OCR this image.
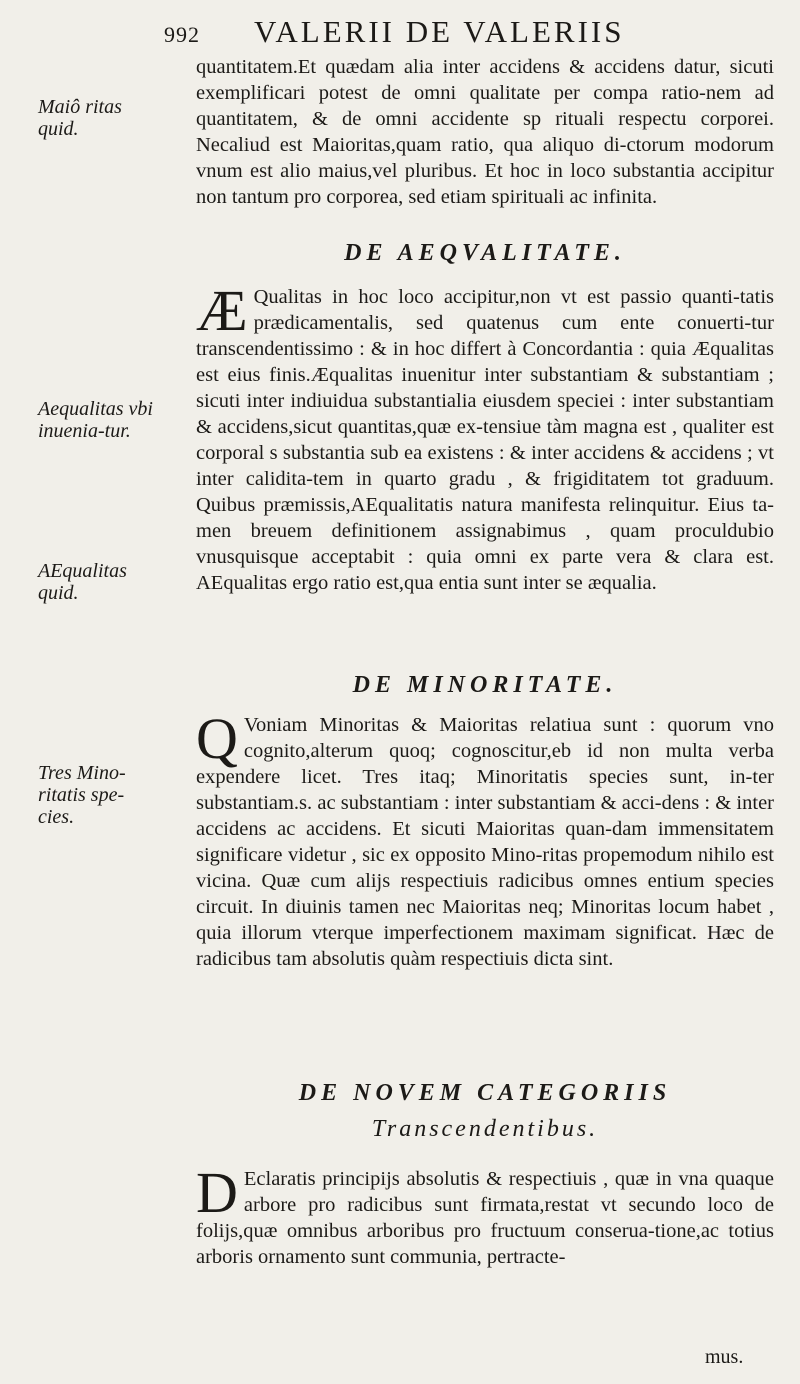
992 VALERII DE VALERIIS
Maiô ritas quid.
Aequalitas vbi inuenia-tur.
AEqualitas quid.
Tres Mino-ritatis spe-cies.

quantitatem.Et quædam alia inter accidens & accidens datur, sicuti exemplificari potest de omni qualitate per compa ratio-nem ad quantitatem, & de omni accidente sp rituali respectu corporei. Necaliud est Maioritas,quam ratio, qua aliquo di-ctorum modorum vnum est alio maius,vel pluribus. Et hoc in loco substantia accipitur non tantum pro corporea, sed etiam spirituali ac infinita.

DE AEQVALITATE.
Æ Qualitas in hoc loco accipitur,non vt est passio quanti-tatis prædicamentalis, sed quatenus cum ente conuerti-tur transcendentissimo : & in hoc differt à Concordantia : quia Æqualitas est eius finis.Æqualitas inuenitur inter substantiam & substantiam ; sicuti inter indiuidua substantialia eiusdem speciei : inter substantiam & accidens,sicut quantitas,quæ ex-tensiue tàm magna est , qualiter est corporal s substantia sub ea existens : & inter accidens & accidens ; vt inter calidita-tem in quarto gradu , & frigiditatem tot graduum. Quibus præmissis,AEqualitatis natura manifesta relinquitur. Eius ta-men breuem definitionem assignabimus , quam proculdubio vnusquisque acceptabit : quia omni ex parte vera & clara est. AEqualitas ergo ratio est,qua entia sunt inter se æqualia.
DE MINORITATE.
Q Voniam Minoritas & Maioritas relatiua sunt : quorum vno cognito,alterum quoq; cognoscitur,eb id non multa verba expendere licet. Tres itaq; Minoritatis species sunt, in-ter substantiam.s. ac substantiam : inter substantiam & acci-dens : & inter accidens ac accidens. Et sicuti Maioritas quan-dam immensitatem significare videtur , sic ex opposito Mino-ritas propemodum nihilo est vicina. Quæ cum alijs respectiuis radicibus omnes entium species circuit. In diuinis tamen nec Maioritas neq; Minoritas locum habet , quia illorum vterque imperfectionem maximam significat. Hæc de radicibus tam absolutis quàm respectiuis dicta sint.
DE NOVEM CATEGORIIS
Transcendentibus.
D Eclaratis principijs absolutis & respectiuis , quæ in vna quaque arbore pro radicibus sunt firmata,restat vt secundo loco de folijs,quæ omnibus arboribus pro fructuum conserua-tione,ac totius arboris ornamento sunt communia, pertracte-
mus.
